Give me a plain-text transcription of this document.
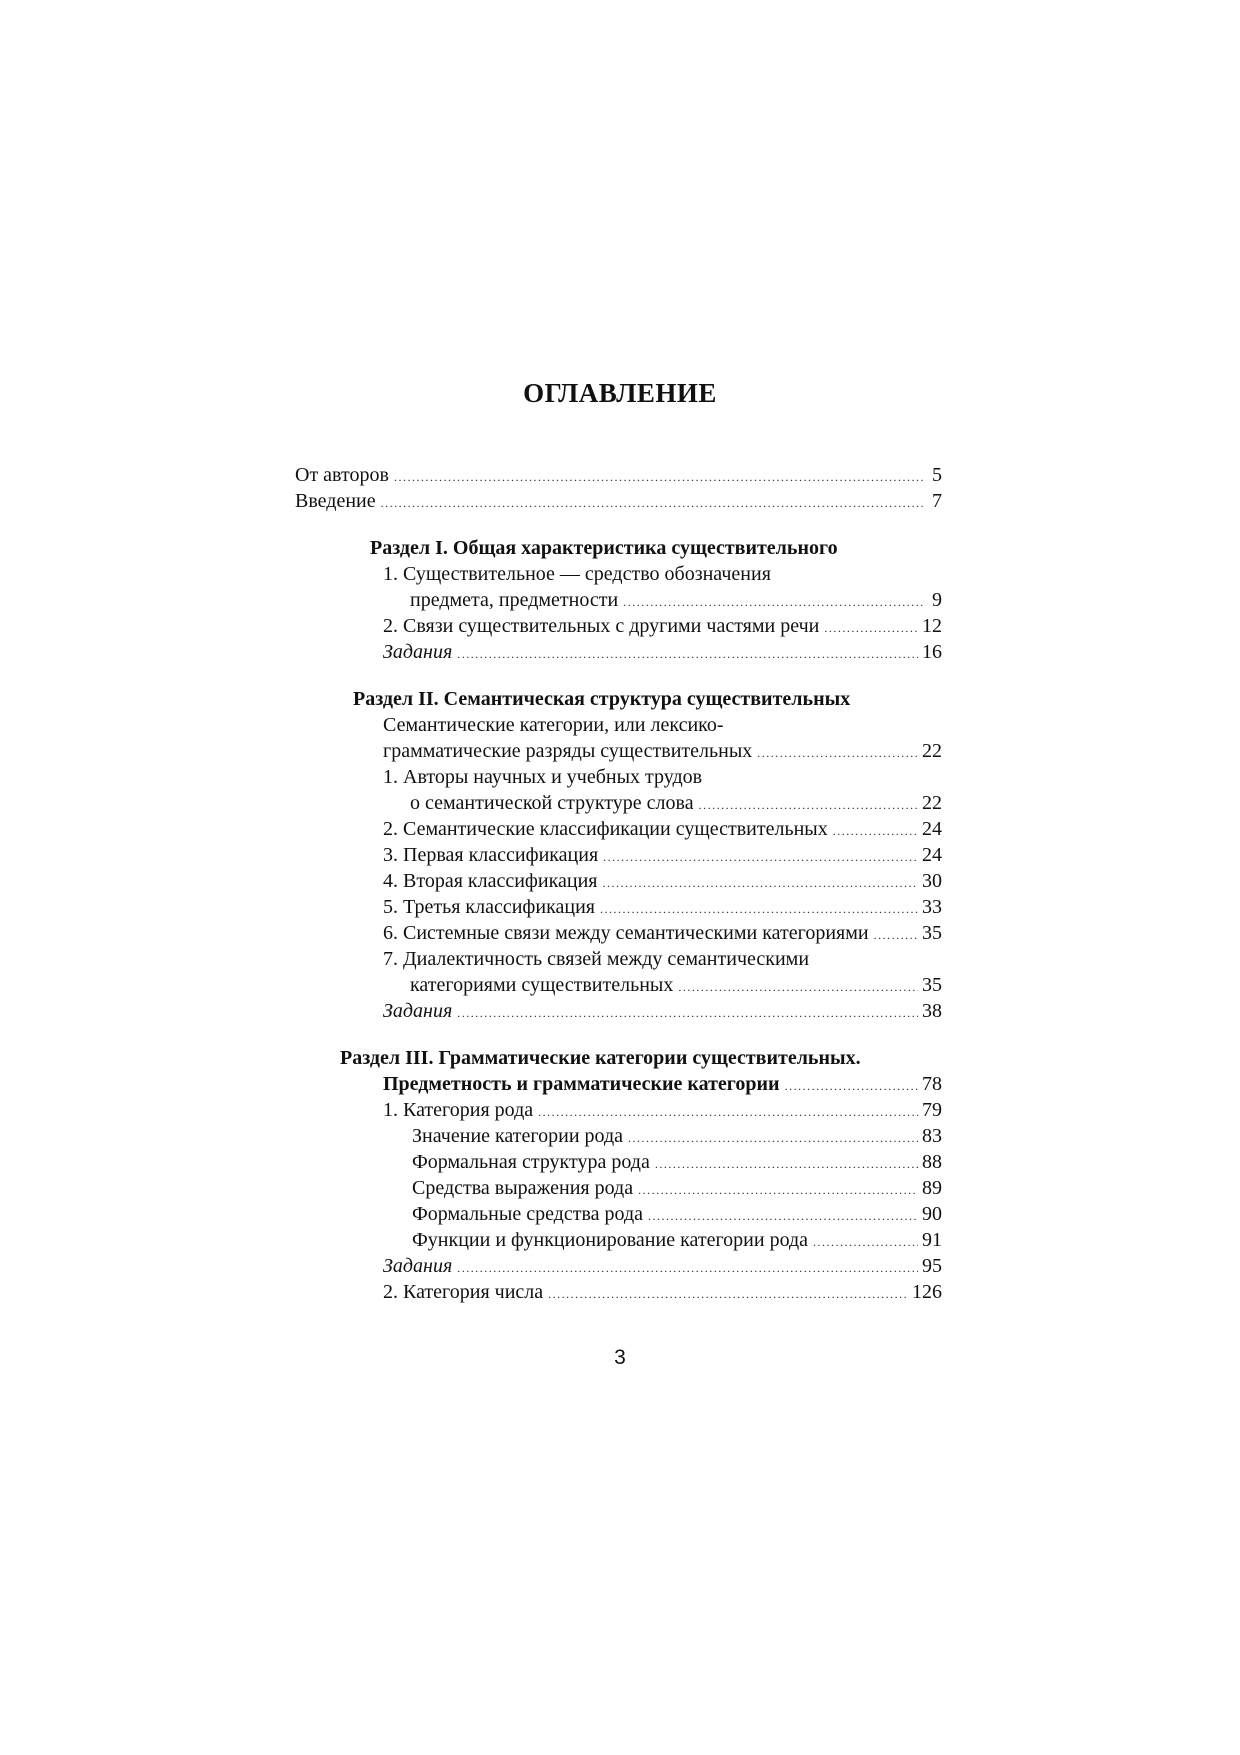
ОГЛАВЛЕНИЕ
От авторов .....	5
Введение .....	7
Раздел I. Общая характеристика существительного
1. Существительное — средство обозначения
предмета, предметности .....	9
2. Связи существительных с другими частями речи .....	12
Задания .....	16
Раздел II. Семантическая структура существительных
Семантические категории, или лексико-
грамматические разряды существительных .....	22
1. Авторы научных и учебных трудов
о семантической структуре слова .....	22
2. Семантические классификации существительных .....	24
3. Первая классификация .....	24
4. Вторая классификация .....	30
5. Третья классификация .....	33
6. Системные связи между семантическими категориями .....	35
7. Диалектичность связей между семантическими
категориями существительных .....	35
Задания .....	38
Раздел III. Грамматические категории существительных.
Предметность и грамматические категории .....	78
1. Категория рода .....	79
Значение категории рода .....	83
Формальная структура рода .....	88
Средства выражения рода .....	89
Формальные средства рода .....	90
Функции и функционирование категории рода .....	91
Задания .....	95
2. Категория числа .....	126
3
